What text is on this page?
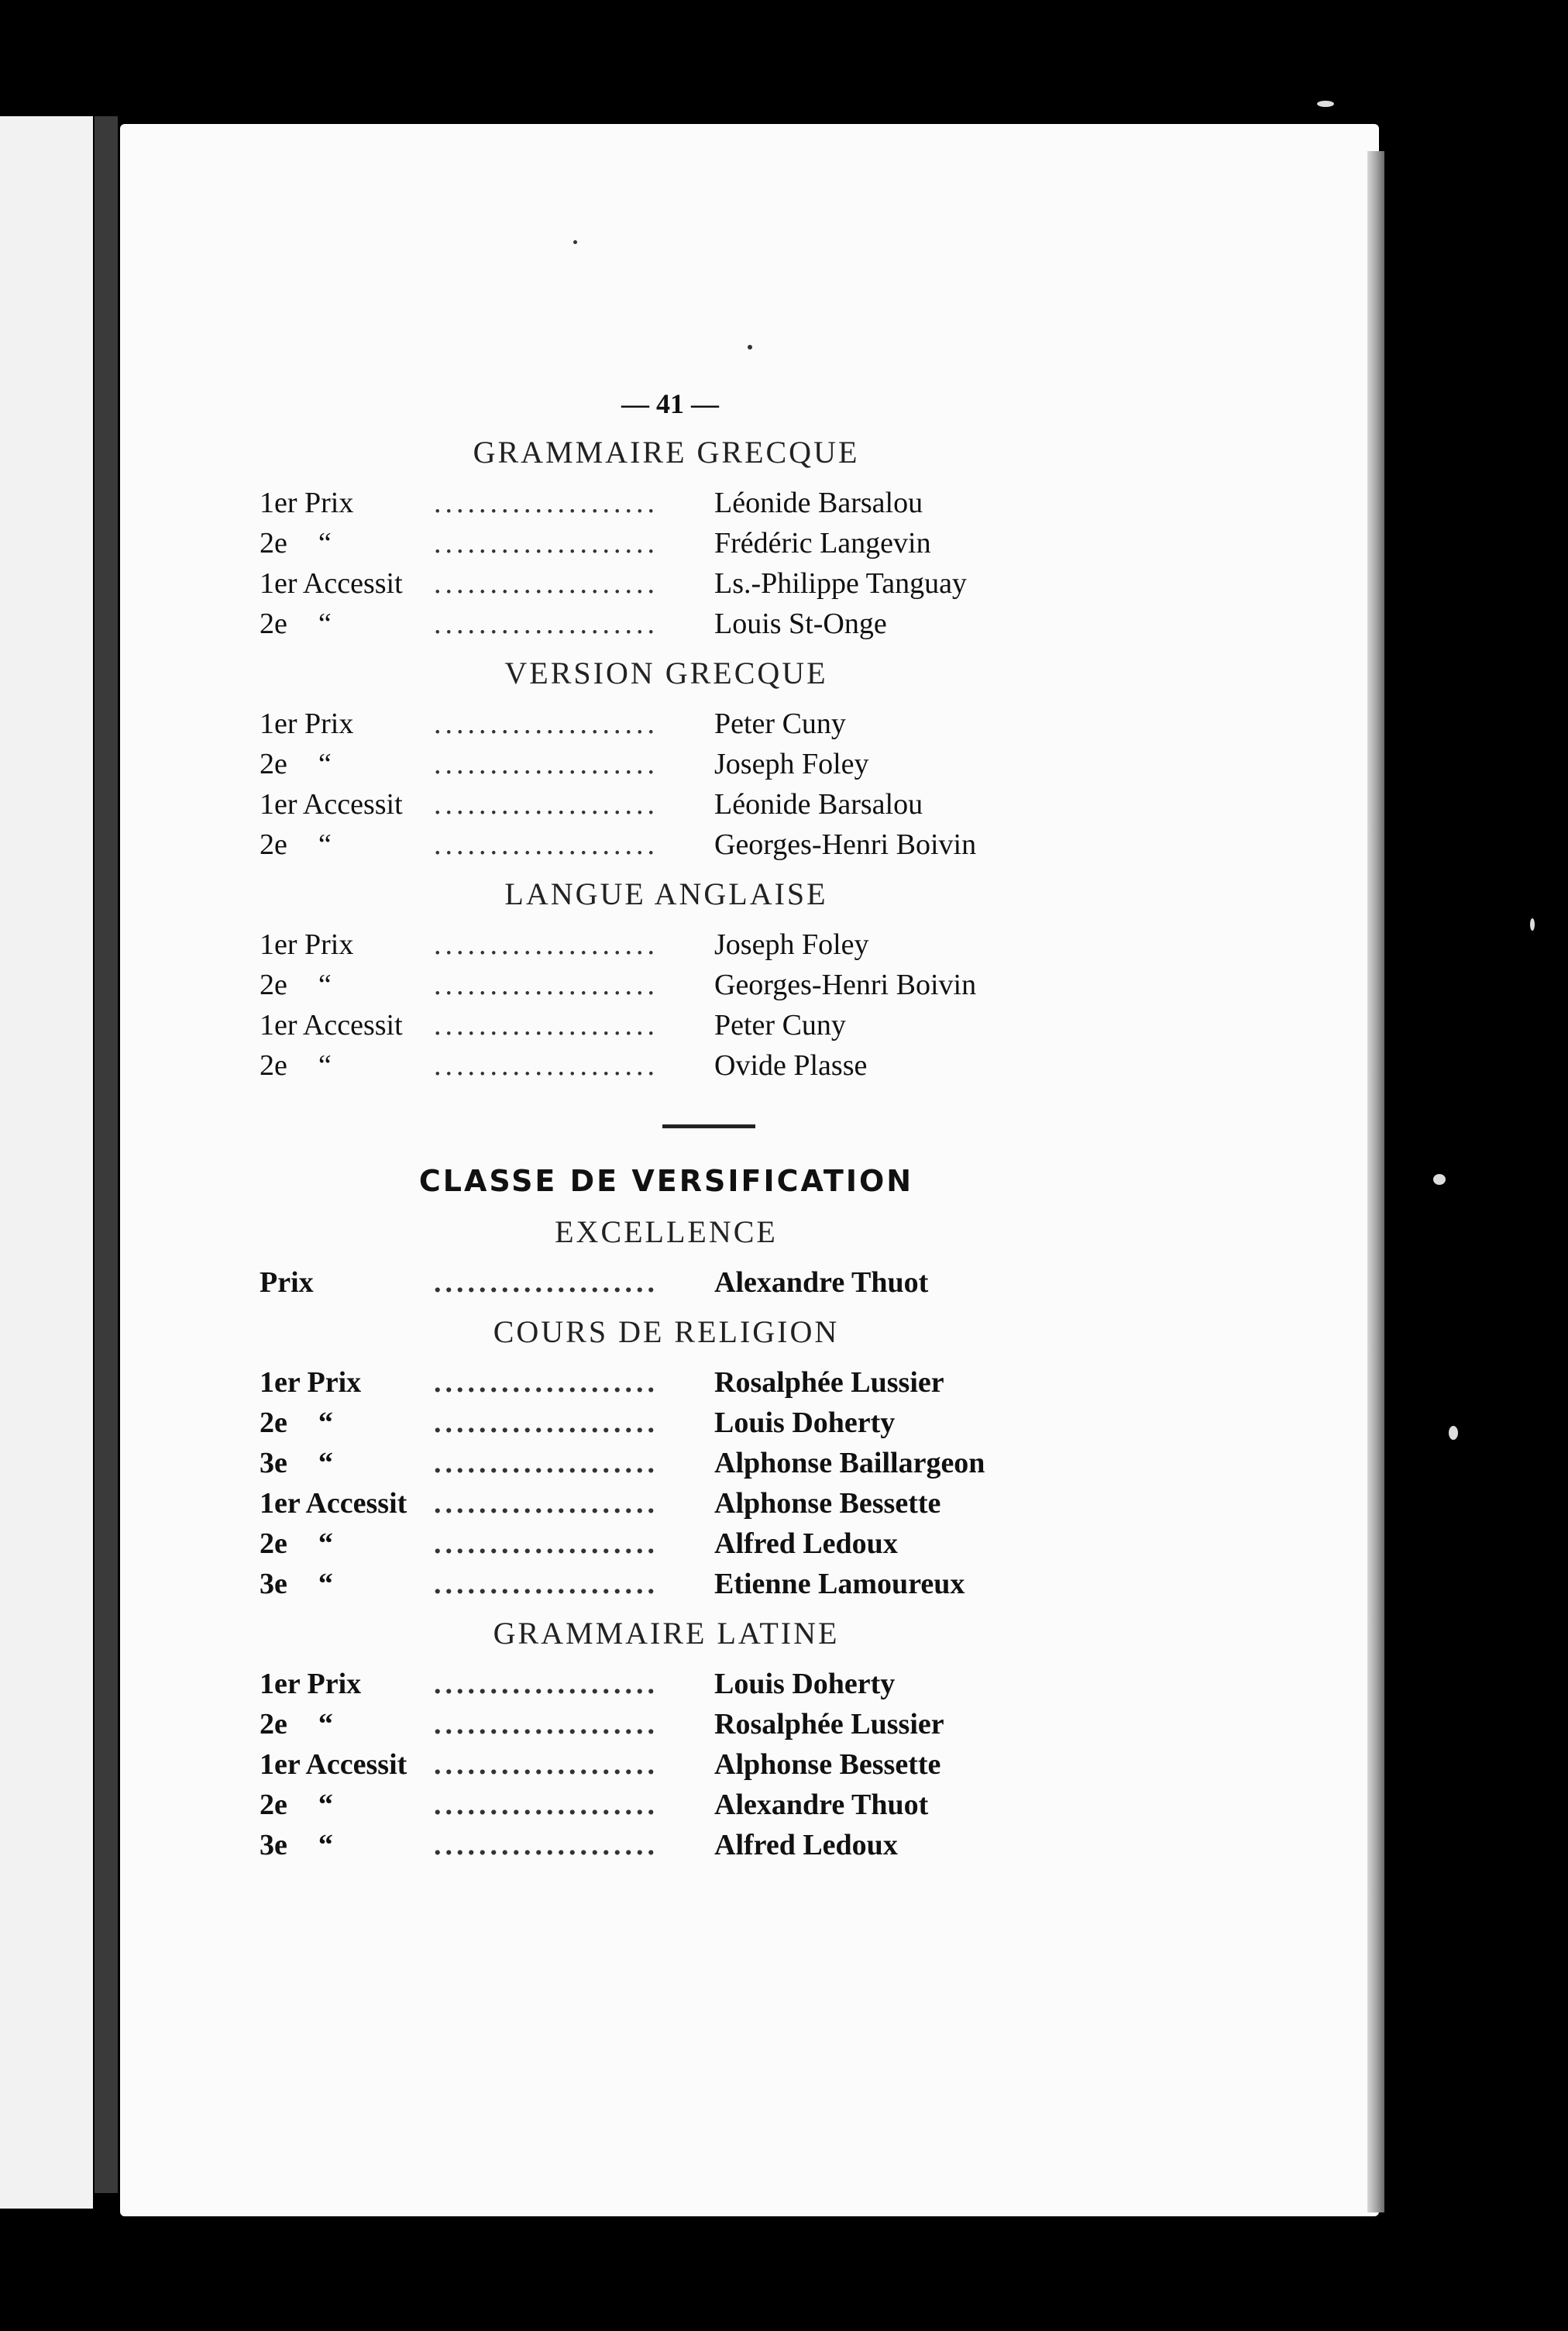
— 41 —
GRAMMAIRE GRECQUE
1er Prix	....................	Léonide Barsalou
2e “	....................	Frédéric Langevin
1er Accessit	....................	Ls.-Philippe Tanguay
2e “	....................	Louis St-Onge
VERSION GRECQUE
1er Prix	....................	Peter Cuny
2e “	....................	Joseph Foley
1er Accessit	....................	Léonide Barsalou
2e “	....................	Georges-Henri Boivin
LANGUE ANGLAISE
1er Prix	....................	Joseph Foley
2e “	....................	Georges-Henri Boivin
1er Accessit	....................	Peter Cuny
2e “	....................	Ovide Plasse
CLASSE DE VERSIFICATION
EXCELLENCE
Prix	....................	Alexandre Thuot
COURS DE RELIGION
1er Prix	....................	Rosalphée Lussier
2e “	....................	Louis Doherty
3e “	....................	Alphonse Baillargeon
1er Accessit ....................	Alphonse Bessette
2e “	....................	Alfred Ledoux
3e “	....................	Etienne Lamoureux
GRAMMAIRE LATINE
1er Prix	....................	Louis Doherty
2e “	....................	Rosalphée Lussier
1er Accessit ....................	Alphonse Bessette
2e “	....................	Alexandre Thuot
3e “	....................	Alfred Ledoux
